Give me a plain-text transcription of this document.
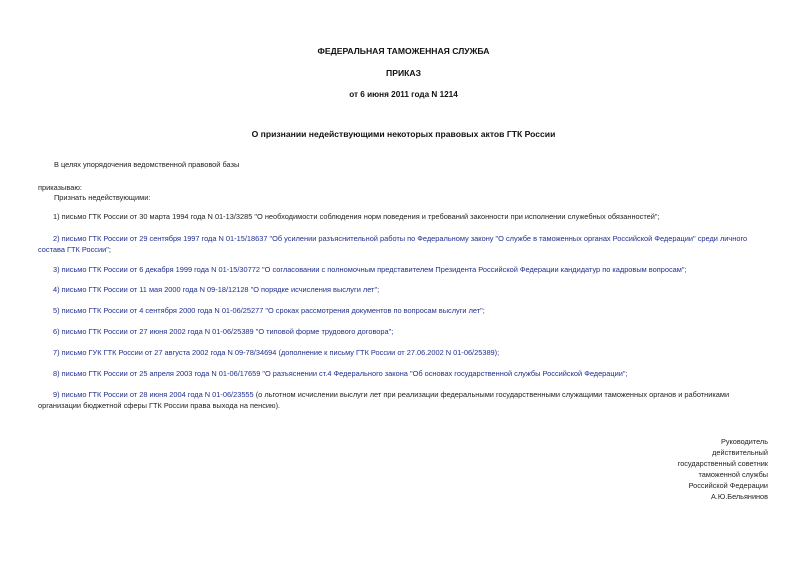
ФЕДЕРАЛЬНАЯ ТАМОЖЕННАЯ СЛУЖБА
ПРИКАЗ
от 6 июня 2011 года N 1214
О признании недействующими некоторых правовых актов ГТК России
В целях упорядочения ведомственной правовой базы
приказываю:
Признать недействующими:
1) письмо ГТК России от 30 марта 1994 года N 01-13/3285 "О необходимости соблюдения норм поведения и требований законности при исполнении служебных обязанностей";
2) письмо ГТК России от 29 сентября 1997 года N 01-15/18637 "Об усилении разъяснительной работы по Федеральному закону "О службе в таможенных органах Российской Федерации" среди личного состава ГТК России";
3) письмо ГТК России от 6 декабря 1999 года N 01-15/30772 "О согласовании с полномочным представителем Президента Российской Федерации кандидатур по кадровым вопросам";
4) письмо ГТК России от 11 мая 2000 года N 09-18/12128 "О порядке исчисления выслуги лет";
5) письмо ГТК России от 4 сентября 2000 года N 01-06/25277 "О сроках рассмотрения документов по вопросам выслуги лет";
6) письмо ГТК России от 27 июня 2002 года N 01-06/25389 "О типовой форме трудового договора";
7) письмо ГУК ГТК России от 27 августа 2002 года N 09-78/34694 (дополнение к письму ГТК России от 27.06.2002 N 01-06/25389);
8) письмо ГТК России от 25 апреля 2003 года N 01-06/17659 "О разъяснении ст.4 Федерального закона "Об основах государственной службы Российской Федерации";
9) письмо ГТК России от 28 июня 2004 года N 01-06/23555 (о льготном исчислении выслуги лет при реализации федеральными государственными служащими таможенных органов и работниками организации бюджетной сферы ГТК России права выхода на пенсию).
Руководитель
действительный
государственный советник
таможенной службы
Российской Федерации
А.Ю.Бельянинов
